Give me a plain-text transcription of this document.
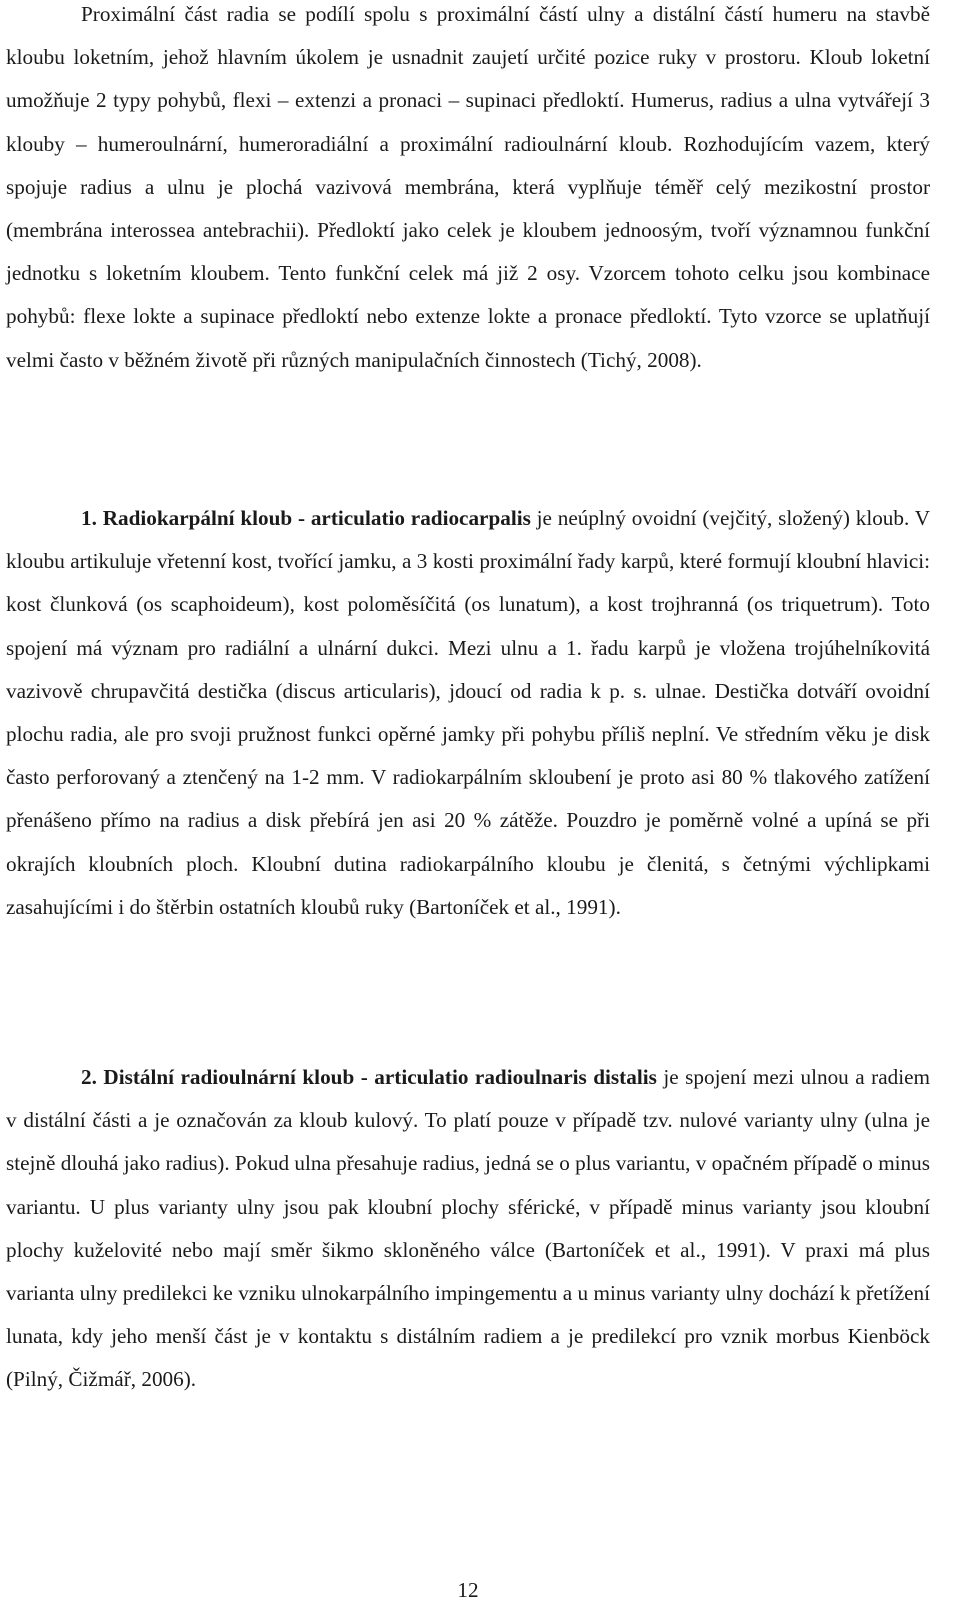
Proximální část radia se podílí spolu s proximální částí ulny a distální částí humeru na stavbě kloubu loketním, jehož hlavním úkolem je usnadnit zaujetí určité pozice ruky v prostoru. Kloub loketní umožňuje 2 typy pohybů, flexi – extenzi a pronaci – supinaci předloktí. Humerus, radius a ulna vytvářejí 3 klouby – humeroulnární, humeroradiální a proximální radioulnární kloub. Rozhodujícím vazem, který spojuje radius a ulnu je plochá vazivová membrána, která vyplňuje téměř celý mezikostní prostor (membrána interossea antebrachii). Předloktí jako celek je kloubem jednoosým, tvoří významnou funkční jednotku s loketním kloubem. Tento funkční celek má již 2 osy. Vzorcem tohoto celku jsou kombinace pohybů: flexe lokte a supinace předloktí nebo extenze lokte a pronace předloktí. Tyto vzorce se uplatňují velmi často v běžném životě při různých manipulačních činnostech (Tichý, 2008).

1. Radiokarpální kloub - articulatio radiocarpalis je neúplný ovoidní (vejčitý, složený) kloub. V kloubu artikuluje vřetenní kost, tvořící jamku, a 3 kosti proximální řady karpů, které formují kloubní hlavici: kost člunková (os scaphoideum), kost poloměsíčitá (os lunatum), a kost trojhranná (os triquetrum). Toto spojení má význam pro radiální a ulnární dukci. Mezi ulnu a 1. řadu karpů je vložena trojúhelníkovitá vazivově chrupavčitá destička (discus articularis), jdoucí od radia k p. s. ulnae. Destička dotváří ovoidní plochu radia, ale pro svoji pružnost funkci opěrné jamky při pohybu příliš neplní. Ve středním věku je disk často perforovaný a ztenčený na 1-2 mm. V radiokarpálním skloubení je proto asi 80 % tlakového zatížení přenášeno přímo na radius a disk přebírá jen asi 20 % zátěže. Pouzdro je poměrně volné a upíná se při okrajích kloubních ploch. Kloubní dutina radiokarpálního kloubu je členitá, s četnými výchlipkami zasahujícími i do štěrbin ostatních kloubů ruky (Bartoníček et al., 1991).

2. Distální radioulnární kloub - articulatio radioulnaris distalis je spojení mezi ulnou a radiem v distální části a je označován za kloub kulový. To platí pouze v případě tzv. nulové varianty ulny (ulna je stejně dlouhá jako radius). Pokud ulna přesahuje radius, jedná se o plus variantu, v opačném případě o minus variantu. U plus varianty ulny jsou pak kloubní plochy sférické, v případě minus varianty jsou kloubní plochy kuželovité nebo mají směr šikmo skloněného válce (Bartoníček et al., 1991). V praxi má plus varianta ulny predilekci ke vzniku ulnokarpálního impingementu a u minus varianty ulny dochází k přetížení lunata, kdy jeho menší část je v kontaktu s distálním radiem a je predilekcí pro vznik morbus Kienböck (Pilný, Čižmář, 2006).

12
